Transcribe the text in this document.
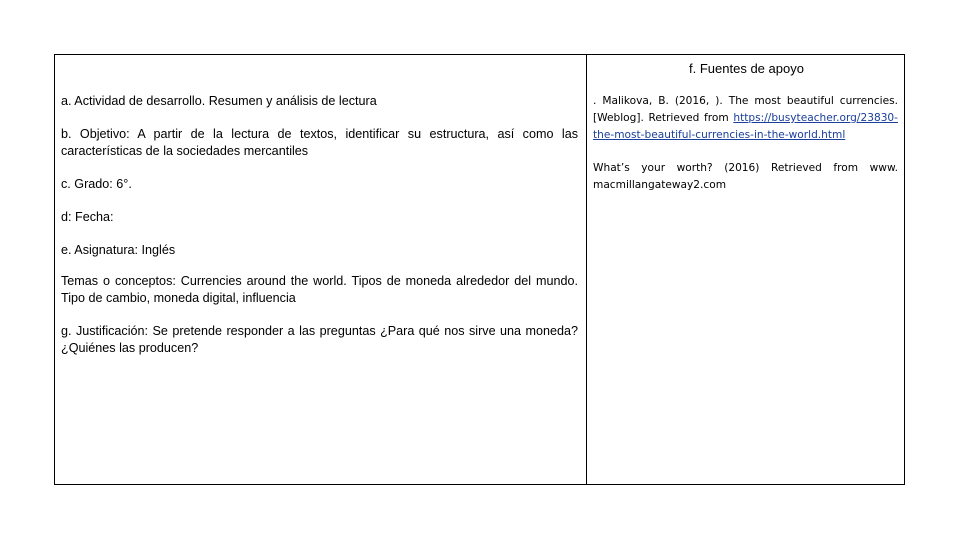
f. Fuentes de apoyo

a. Actividad de desarrollo. Resumen y análisis de lectura

b. Objetivo: A partir de la lectura de textos, identificar su estructura, así como las características de la sociedades mercantiles

c. Grado: 6°.

d: Fecha:

e. Asignatura: Inglés

Temas o conceptos: Currencies around the world. Tipos de moneda alrededor del mundo. Tipo de cambio, moneda digital, influencia

g. Justificación: Se pretende responder a las preguntas ¿Para qué nos sirve una moneda? ¿Quiénes las producen?

. Malikova, B. (2016, ). The most beautiful currencies. [Weblog]. Retrieved from https://busyteacher.org/23830-the-most-beautiful-currencies-in-the-world.html

What’s your worth? (2016) Retrieved from www. macmillangateway2.com
